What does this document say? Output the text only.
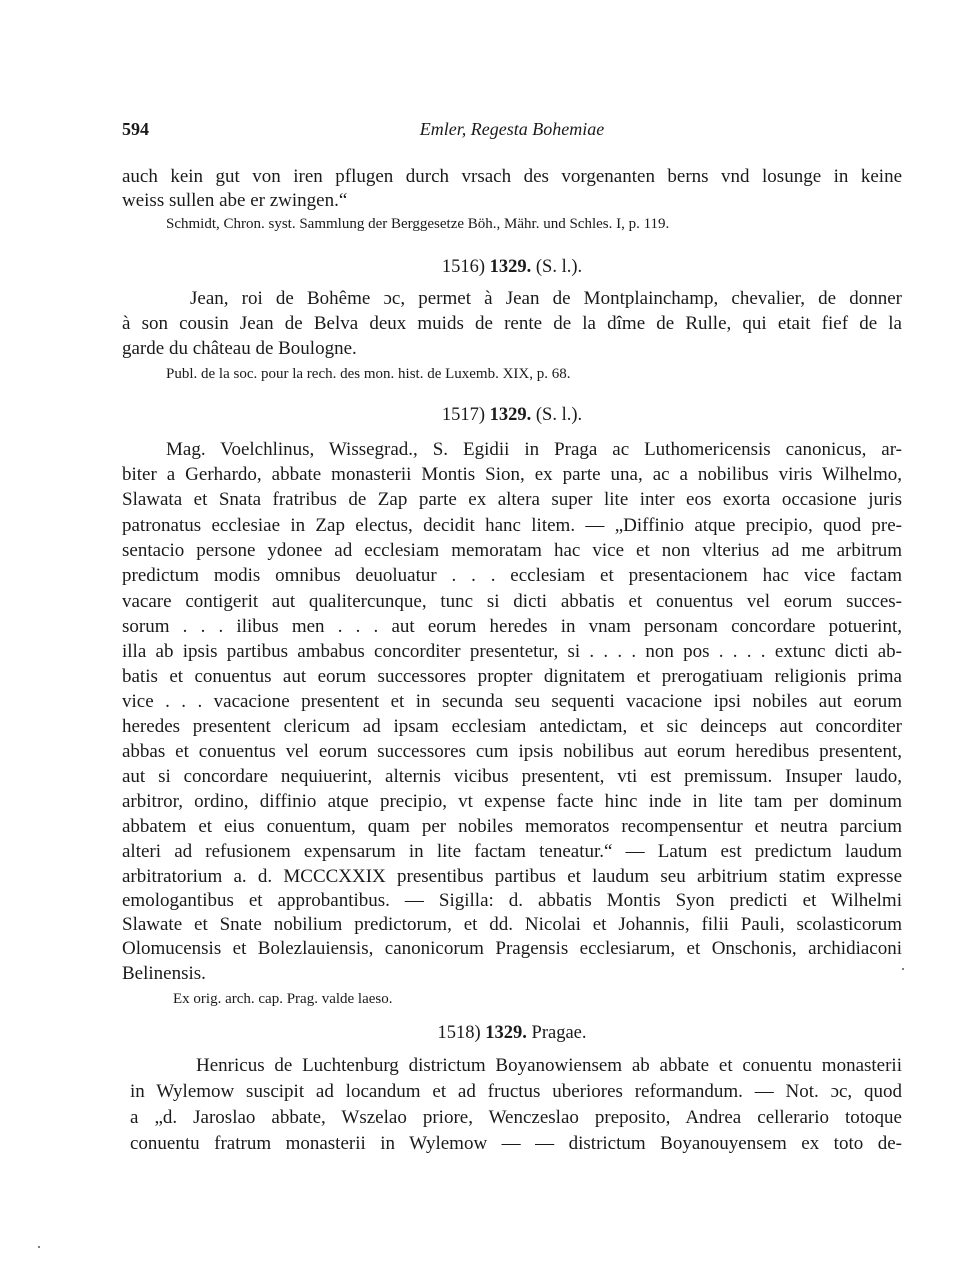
594	Emler, Regesta Bohemiae
auch kein gut von iren pflugen durch vrsach des vorgenanten berns vnd losunge in keine
weiss sullen abe er zwingen.“
Schmidt, Chron. syst. Sammlung der Berggesetze Böh., Mähr. und Schles. I, p. 119.
1516) 1329. (S. l.).
Jean, roi de Bohême ɔc, permet à Jean de Montplainchamp, chevalier, de donner
à son cousin Jean de Belva deux muids de rente de la dîme de Rulle, qui etait fief de la
garde du château de Boulogne.
Publ. de la soc. pour la rech. des mon. hist. de Luxemb. XIX, p. 68.
1517) 1329. (S. l.).
Mag. Voelchlinus, Wissegrad., S. Egidii in Praga ac Luthomericensis canonicus, ar-
biter a Gerhardo, abbate monasterii Montis Sion, ex parte una, ac a nobilibus viris Wilhelmo,
Slawata et Snata fratribus de Zap parte ex altera super lite inter eos exorta occasione juris
patronatus ecclesiae in Zap electus, decidit hanc litem. — „Diffinio atque precipio, quod pre-
sentacio persone ydonee ad ecclesiam memoratam hac vice et non vlterius ad me arbitrum
predictum modis omnibus deuoluatur . . . ecclesiam et presentacionem hac vice factam
vacare contigerit aut qualitercunque, tunc si dicti abbatis et conuentus vel eorum succes-
sorum . . . ilibus men . . . aut eorum heredes in vnam personam concordare potuerint,
illa ab ipsis partibus ambabus concorditer presentetur, si . . . . non pos . . . . extunc dicti ab-
batis et conuentus aut eorum successores propter dignitatem et prerogatiuam religionis prima
vice . . . vacacione presentent et in secunda seu sequenti vacacione ipsi nobiles aut eorum
heredes presentent clericum ad ipsam ecclesiam antedictam, et sic deinceps aut concorditer
abbas et conuentus vel eorum successores cum ipsis nobilibus aut eorum heredibus presentent,
aut si concordare nequiuerint, alternis vicibus presentent, vti est premissum. Insuper laudo,
arbitror, ordino, diffinio atque precipio, vt expense facte hinc inde in lite tam per dominum
abbatem et eius conuentum, quam per nobiles memoratos recompensentur et neutra parcium
alteri ad refusionem expensarum in lite factam teneatur.“ — Latum est predictum laudum
arbitratorium a. d. MCCCXXIX presentibus partibus et laudum seu arbitrium statim expresse
emologantibus et approbantibus. — Sigilla: d. abbatis Montis Syon predicti et Wilhelmi
Slawate et Snate nobilium predictorum, et dd. Nicolai et Johannis, filii Pauli, scolasticorum
Olomucensis et Bolezlauiensis, canonicorum Pragensis ecclesiarum, et Onschonis, archidiaconi
Belinensis.
Ex orig. arch. cap. Prag. valde laeso.
1518) 1329. Pragae.
Henricus de Luchtenburg districtum Boyanowiensem ab abbate et conuentu monasterii
in Wylemow suscipit ad locandum et ad fructus uberiores reformandum. — Not. ɔc, quod
a „d. Jaroslao abbate, Wszelao priore, Wenczeslao preposito, Andrea cellerario totoque
conuentu fratrum monasterii in Wylemow — — districtum Boyanouyensem ex toto de-
